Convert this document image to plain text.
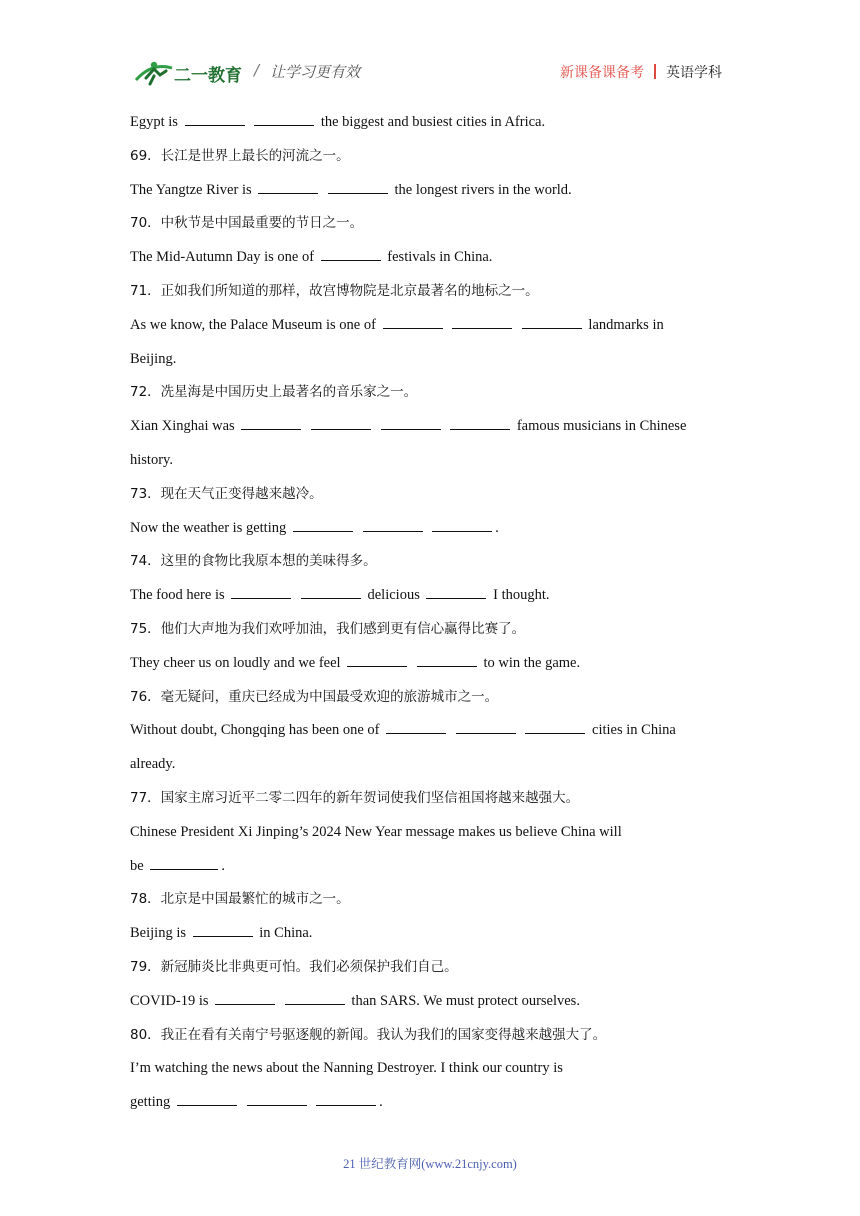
二一教育 / 让学习更有效	新课备课备考 英语学科
Egypt is	the biggest and busiest cities in Africa.
69．长江是世界上最长的河流之一。
The Yangtze River is	the longest rivers in the world.
70．中秋节是中国最重要的节日之一。
The Mid-Autumn Day is one of	festivals in China.
71．正如我们所知道的那样，故宫博物院是北京最著名的地标之一。
As we know, the Palace Museum is one of	landmarks in
Beijing.
72．冼星海是中国历史上最著名的音乐家之一。
Xian Xinghai was	famous musicians in Chinese
history.
73．现在天气正变得越来越冷。
Now the weather is getting	.
74．这里的食物比我原本想的美味得多。
The food here is	delicious	I thought.
75．他们大声地为我们欢呼加油，我们感到更有信心赢得比赛了。
They cheer us on loudly and we feel	to win the game.
76．毫无疑问，重庆已经成为中国最受欢迎的旅游城市之一。
Without doubt, Chongqing has been one of	cities in China
already.
77．国家主席习近平二零二四年的新年贺词使我们坚信祖国将越来越强大。
Chinese President Xi Jinping’s 2024 New Year message makes us believe China will
be	.
78．北京是中国最繁忙的城市之一。
Beijing is	in China.
79．新冠肺炎比非典更可怕。我们必须保护我们自己。
COVID-19 is	than SARS. We must protect ourselves.
80．我正在看有关南宁号驱逐舰的新闻。我认为我们的国家变得越来越强大了。
I’m watching the news about the Nanning Destroyer. I think our country is
getting	.
21 世纪教育网(www.21cnjy.com)
